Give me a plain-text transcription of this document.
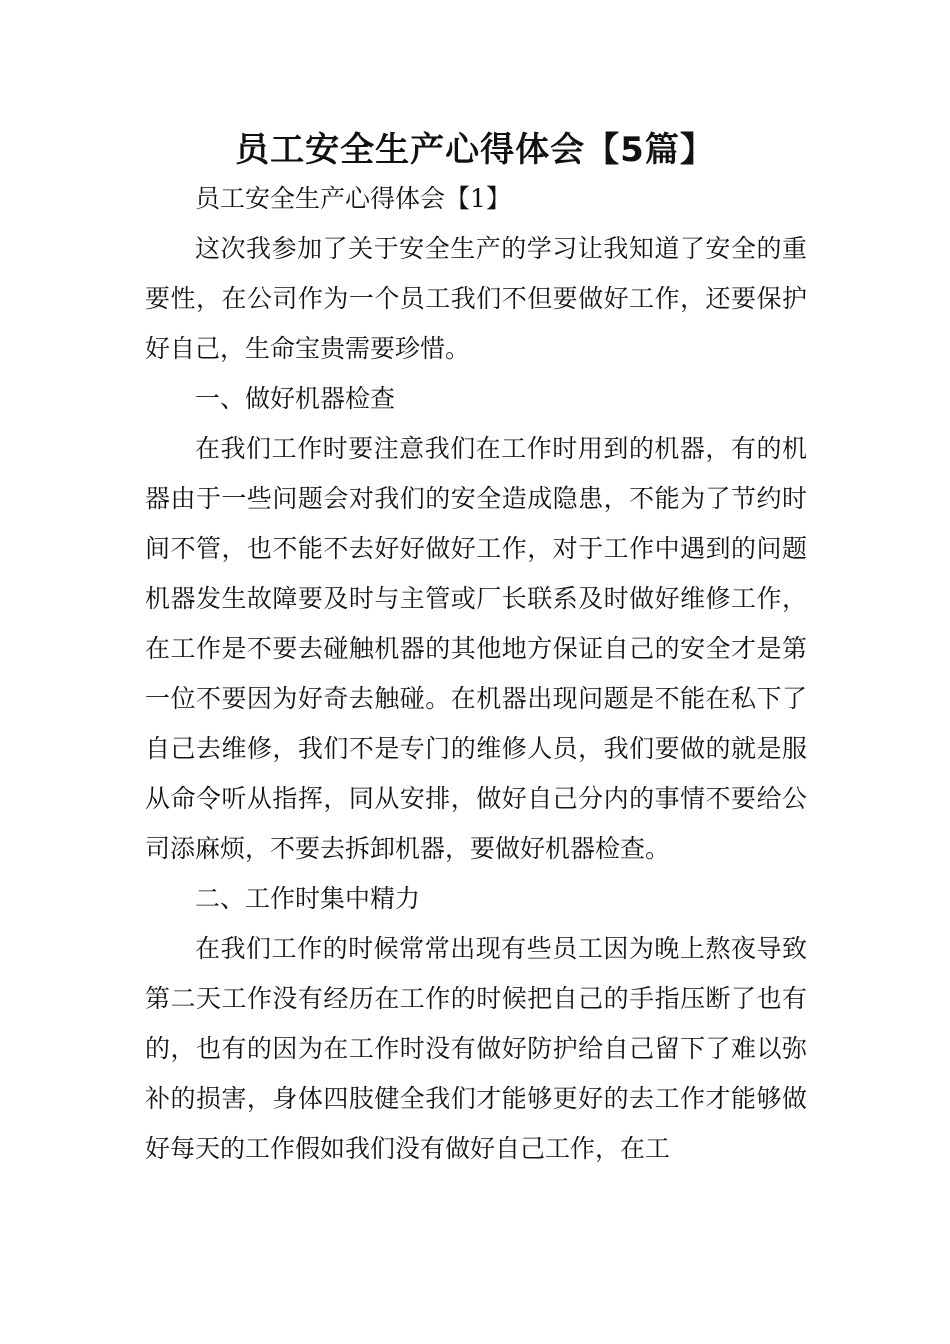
员工安全生产心得体会【5篇】

员工安全生产心得体会【1】

这次我参加了关于安全生产的学习让我知道了安全的重要性，在公司作为一个员工我们不但要做好工作，还要保护好自己，生命宝贵需要珍惜。

一、做好机器检查

在我们工作时要注意我们在工作时用到的机器，有的机器由于一些问题会对我们的安全造成隐患，不能为了节约时间不管，也不能不去好好做好工作，对于工作中遇到的问题机器发生故障要及时与主管或厂长联系及时做好维修工作，在工作是不要去碰触机器的其他地方保证自己的安全才是第一位不要因为好奇去触碰。在机器出现问题是不能在私下了自己去维修，我们不是专门的维修人员，我们要做的就是服从命令听从指挥，同从安排，做好自己分内的事情不要给公司添麻烦，不要去拆卸机器，要做好机器检查。

二、工作时集中精力

在我们工作的时候常常出现有些员工因为晚上熬夜导致第二天工作没有经历在工作的时候把自己的手指压断了也有的，也有的因为在工作时没有做好防护给自己留下了难以弥补的损害，身体四肢健全我们才能够更好的去工作才能够做好每天的工作假如我们没有做好自己工作，在工
